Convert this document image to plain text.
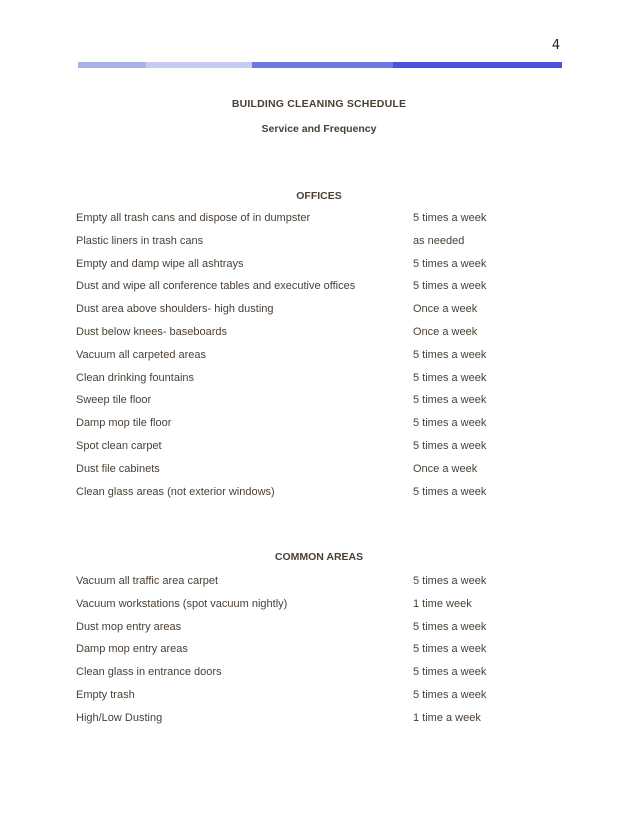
4
BUILDING CLEANING SCHEDULE
Service and Frequency
OFFICES
Empty all trash cans and dispose of in dumpster	5 times a week
Plastic liners in trash cans	as needed
Empty and damp wipe all ashtrays	5 times a week
Dust and wipe all conference tables and executive offices	5 times a week
Dust area above shoulders- high dusting	Once a week
Dust below knees- baseboards	Once a week
Vacuum all carpeted areas	5 times a week
Clean drinking fountains	5 times a week
Sweep tile floor	5 times a week
Damp mop tile floor	5 times a week
Spot clean carpet	5 times a week
Dust file cabinets	Once a week
Clean glass areas (not exterior windows)	5 times a week
COMMON AREAS
Vacuum all traffic area carpet	5 times a week
Vacuum workstations (spot vacuum nightly)	1 time week
Dust mop entry areas	5 times a week
Damp mop entry areas	5 times a week
Clean glass in entrance doors	5 times a week
Empty trash	5 times a week
High/Low Dusting	1 time a week
